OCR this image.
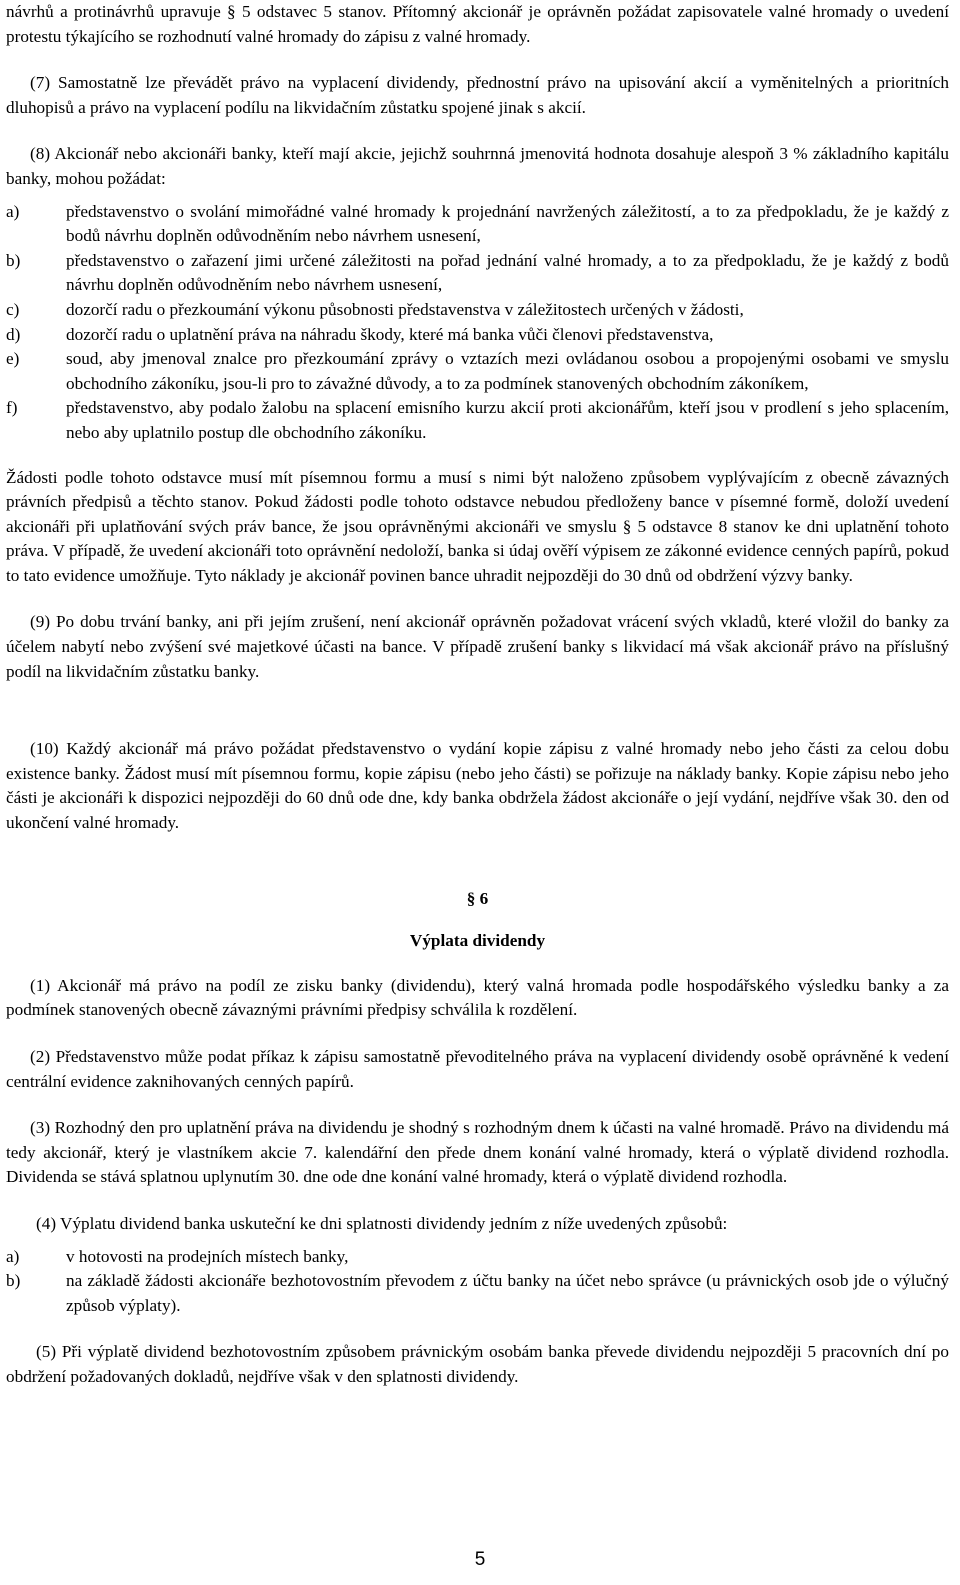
návrhů a protinávrhů upravuje § 5 odstavec 5 stanov. Přítomný akcionář je oprávněn požádat zapisovatele valné hromady o uvedení protestu týkajícího se rozhodnutí valné hromady do zápisu z valné hromady.

(7) Samostatně lze převádět právo na vyplacení dividendy, přednostní právo na upisování akcií a vyměnitelných a prioritních dluhopisů a právo na vyplacení podílu na likvidačním zůstatku spojené jinak s akcií.

(8) Akcionář nebo akcionáři banky, kteří mají akcie, jejichž souhrnná jmenovitá hodnota dosahuje alespoň 3 % základního kapitálu banky, mohou požádat:

a)	představenstvo o svolání mimořádné valné hromady k projednání navržených záležitostí, a to za předpokladu, že je každý z bodů návrhu doplněn odůvodněním nebo návrhem usnesení,
b)	představenstvo o zařazení jimi určené záležitosti na pořad jednání valné hromady, a to za předpokladu, že je každý z bodů návrhu doplněn odůvodněním nebo návrhem usnesení,
c)	dozorčí radu o přezkoumání výkonu působnosti představenstva v záležitostech určených v žádosti,
d)	dozorčí radu o uplatnění práva na náhradu škody, které má banka vůči členovi představenstva,
e)	soud, aby jmenoval znalce pro přezkoumání zprávy o vztazích mezi ovládanou osobou a propojenými osobami ve smyslu obchodního zákoníku, jsou-li pro to závažné důvody, a to za podmínek stanovených obchodním zákoníkem,
f)	představenstvo, aby podalo žalobu na splacení emisního kurzu akcií proti akcionářům, kteří jsou v prodlení s jeho splacením, nebo aby uplatnilo postup dle obchodního zákoníku.

Žádosti podle tohoto odstavce musí mít písemnou formu a musí s nimi být naloženo způsobem vyplývajícím z obecně závazných právních předpisů a těchto stanov. Pokud žádosti podle tohoto odstavce nebudou předloženy bance v písemné formě, doloží uvedení akcionáři při uplatňování svých práv bance, že jsou oprávněnými akcionáři ve smyslu § 5 odstavce 8 stanov ke dni uplatnění tohoto práva. V případě, že uvedení akcionáři toto oprávnění nedoloží, banka si údaj ověří výpisem ze zákonné evidence cenných papírů, pokud to tato evidence umožňuje. Tyto náklady je akcionář povinen bance uhradit nejpozději do 30 dnů od obdržení výzvy banky.

(9) Po dobu trvání banky, ani při jejím zrušení, není akcionář oprávněn požadovat vrácení svých vkladů, které vložil do banky za účelem nabytí nebo zvýšení své majetkové účasti na bance. V případě zrušení banky s likvidací má však akcionář právo na příslušný podíl na likvidačním zůstatku banky.

(10) Každý akcionář má právo požádat představenstvo o vydání kopie zápisu z valné hromady nebo jeho části za celou dobu existence banky. Žádost musí mít písemnou formu, kopie zápisu (nebo jeho části) se pořizuje na náklady banky. Kopie zápisu nebo jeho části je akcionáři k dispozici nejpozději do 60 dnů ode dne, kdy banka obdržela žádost akcionáře o její vydání, nejdříve však 30. den od ukončení valné hromady.

§ 6
Výplata dividendy

(1) Akcionář má právo na podíl ze zisku banky (dividendu), který valná hromada podle hospodářského výsledku banky a za podmínek stanovených obecně závaznými právními předpisy schválila k rozdělení.

(2) Představenstvo může podat příkaz k zápisu samostatně převoditelného práva na vyplacení dividendy osobě oprávněné k vedení centrální evidence zaknihovaných cenných papírů.

(3) Rozhodný den pro uplatnění práva na dividendu je shodný s rozhodným dnem k účasti na valné hromadě. Právo na dividendu má tedy akcionář, který je vlastníkem akcie 7. kalendářní den přede dnem konání valné hromady, která o výplatě dividend rozhodla. Dividenda se stává splatnou uplynutím 30. dne ode dne konání valné hromady, která o výplatě dividend rozhodla.

(4) Výplatu dividend banka uskuteční ke dni splatnosti dividendy jedním z níže uvedených způsobů:

a)	v hotovosti na prodejních místech banky,
b)	na základě žádosti akcionáře bezhotovostním převodem z účtu banky na účet nebo správce (u právnických osob jde o výlučný způsob výplaty).

(5) Při výplatě dividend bezhotovostním způsobem právnickým osobám banka převede dividendu nejpozději 5 pracovních dní po obdržení požadovaných dokladů, nejdříve však v den splatnosti dividendy.

5
